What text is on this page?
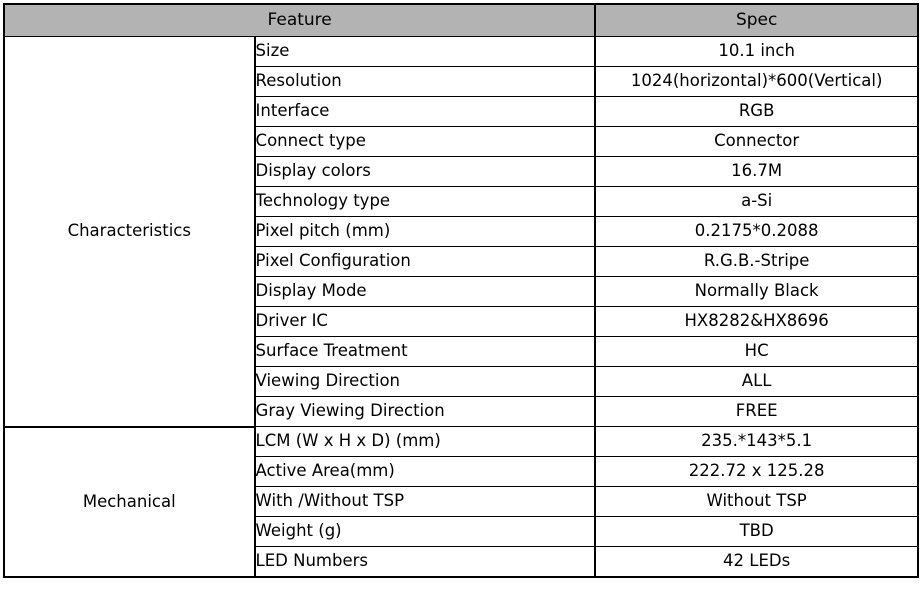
Feature		Spec
Characteristics	Size	10.1 inch
	Resolution	1024(horizontal)*600(Vertical)
	Interface	RGB
	Connect type	Connector
	Display colors	16.7M
	Technology type	a-Si
	Pixel pitch (mm)	0.2175*0.2088
	Pixel Configuration	R.G.B.-Stripe
	Display Mode	Normally Black
	Driver IC	HX8282&HX8696
	Surface Treatment	HC
	Viewing Direction	ALL
	Gray Viewing Direction	FREE
Mechanical	LCM (W x H x D) (mm)	235.*143*5.1
	Active Area(mm)	222.72 x 125.28
	With /Without TSP	Without TSP
	Weight (g)	TBD
	LED Numbers	42 LEDs
